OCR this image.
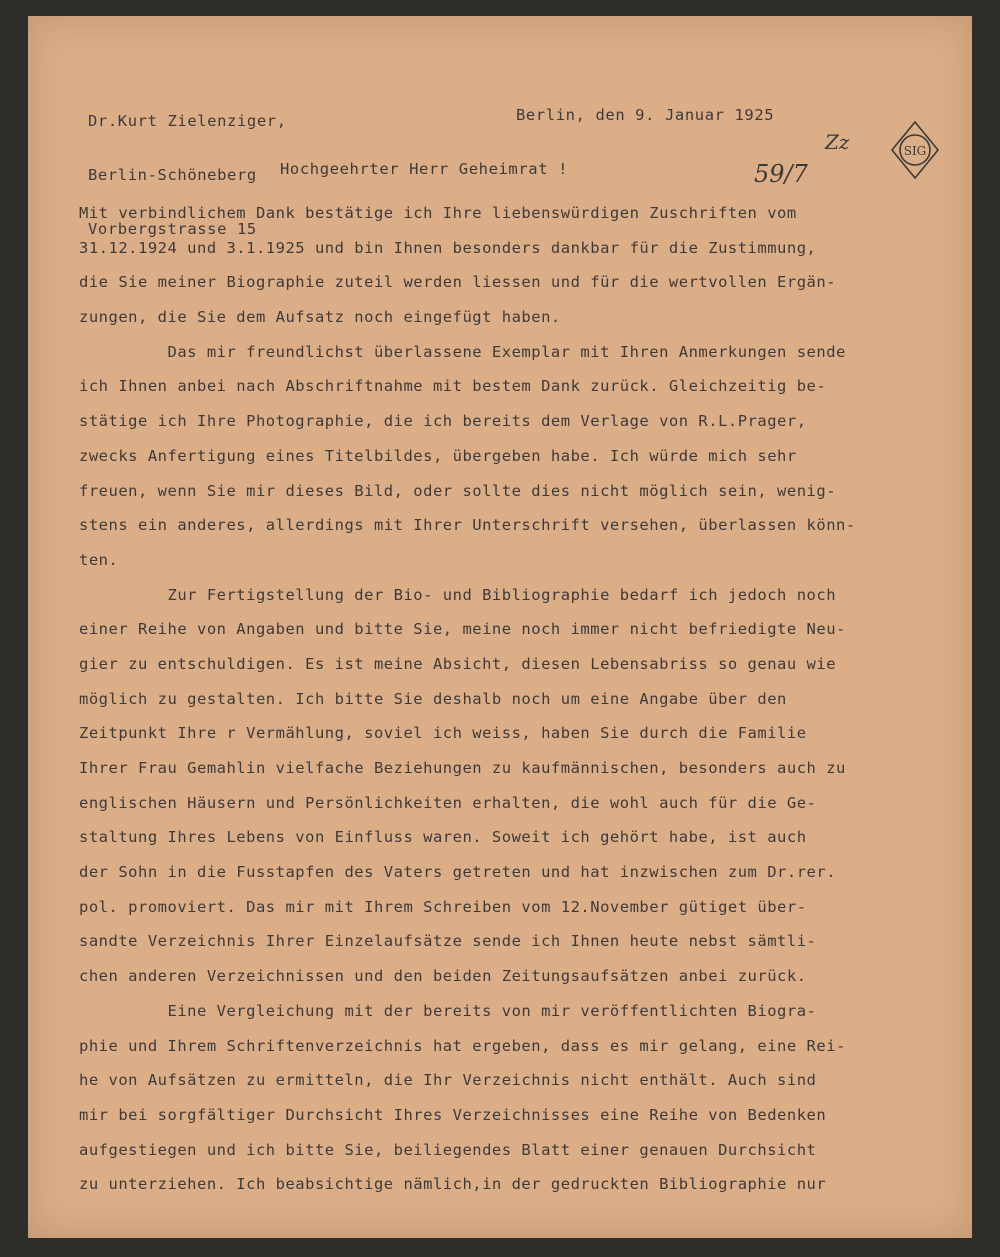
Dr.Kurt Zielenziger,

Berlin-Schöneberg

Vorbergstrasse 15

Berlin, den 9. Januar 1925
Zz
59/7
SIG
Hochgeehrter Herr Geheimrat !
Mit verbindlichem Dank bestätige ich Ihre liebenswürdigen Zuschriften vom
31.12.1924 und 3.1.1925 und bin Ihnen besonders dankbar für die Zustimmung,
die Sie meiner Biographie zuteil werden liessen und für die wertvollen Ergän-
zungen, die Sie dem Aufsatz noch eingefügt haben.
Das mir freundlichst überlassene Exemplar mit Ihren Anmerkungen sende
ich Ihnen anbei nach Abschriftnahme mit bestem Dank zurück. Gleichzeitig be-
stätige ich Ihre Photographie, die ich bereits dem Verlage von R.L.Prager,
zwecks Anfertigung eines Titelbildes, übergeben habe. Ich würde mich sehr
freuen, wenn Sie mir dieses Bild, oder sollte dies nicht möglich sein, wenig-
stens ein anderes, allerdings mit Ihrer Unterschrift versehen, überlassen könn-
ten.
Zur Fertigstellung der Bio- und Bibliographie bedarf ich jedoch noch
einer Reihe von Angaben und bitte Sie, meine noch immer nicht befriedigte Neu-
gier zu entschuldigen. Es ist meine Absicht, diesen Lebensabriss so genau wie
möglich zu gestalten. Ich bitte Sie deshalb noch um eine Angabe über den
Zeitpunkt Ihre r Vermählung, soviel ich weiss, haben Sie durch die Familie
Ihrer Frau Gemahlin vielfache Beziehungen zu kaufmännischen, besonders auch zu
englischen Häusern und Persönlichkeiten erhalten, die wohl auch für die Ge-
staltung Ihres Lebens von Einfluss waren. Soweit ich gehört habe, ist auch
der Sohn in die Fusstapfen des Vaters getreten und hat inzwischen zum Dr.rer.
pol. promoviert. Das mir mit Ihrem Schreiben vom 12.November gütiget über-
sandte Verzeichnis Ihrer Einzelaufsätze sende ich Ihnen heute nebst sämtli-
chen anderen Verzeichnissen und den beiden Zeitungsaufsätzen anbei zurück.
Eine Vergleichung mit der bereits von mir veröffentlichten Biogra-
phie und Ihrem Schriftenverzeichnis hat ergeben, dass es mir gelang, eine Rei-
he von Aufsätzen zu ermitteln, die Ihr Verzeichnis nicht enthält. Auch sind
mir bei sorgfältiger Durchsicht Ihres Verzeichnisses eine Reihe von Bedenken
aufgestiegen und ich bitte Sie, beiliegendes Blatt einer genauen Durchsicht
zu unterziehen. Ich beabsichtige nämlich,in der gedruckten Bibliographie nur
